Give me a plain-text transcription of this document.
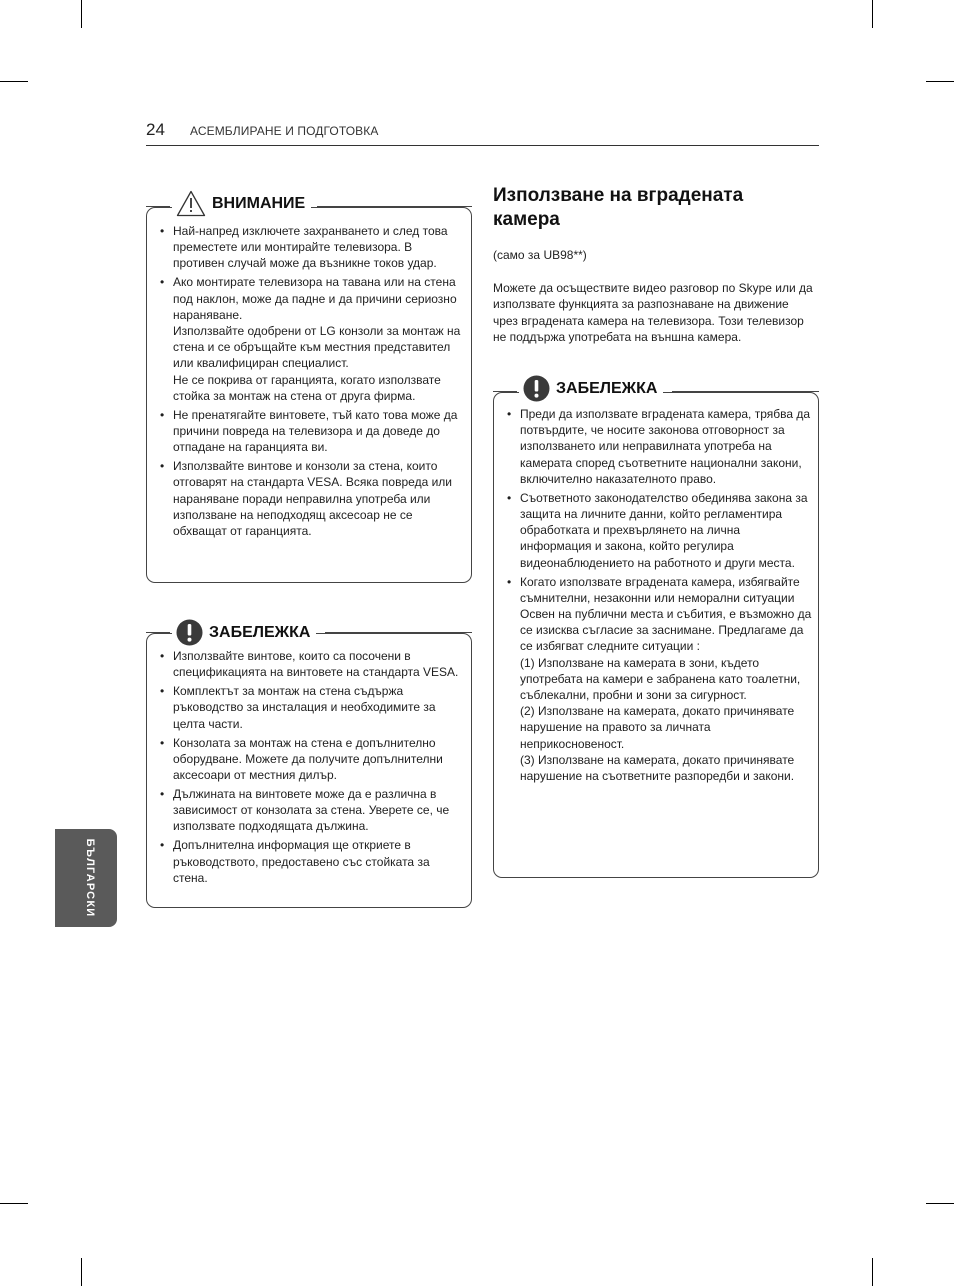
24 АСЕМБЛИРАНЕ И ПОДГОТОВКА
ВНИМАНИЕ
• Най-напред изключете захранването и след това преместете или монтирайте телевизора. В противен случай може да възникне токов удар.
• Ако монтирате телевизора на тавана или на стена под наклон, може да падне и да причини сериозно нараняване.
Използвайте одобрени от LG конзоли за монтаж на стена и се обръщайте към местния представител или квалифициран специалист.
Не се покрива от гаранцията, когато използвате стойка за монтаж на стена от друга фирма.
• Не пренатягайте винтовете, тъй като това може да причини повреда на телевизора и да доведе до отпадане на гаранцията ви.
• Използвайте винтове и конзоли за стена, които отговарят на стандарта VESA. Всяка повреда или нараняване поради неправилна употреба или използване на неподходящ аксесоар не се обхващат от гаранцията.
ЗАБЕЛЕЖКА
• Използвайте винтове, които са посочени в спецификацията на винтовете на стандарта VESA.
• Комплектът за монтаж на стена съдържа ръководство за инсталация и необходимите за целта части.
• Конзолата за монтаж на стена е допълнително оборудване. Можете да получите допълнителни аксесоари от местния дилър.
• Дължината на винтовете може да е различна в зависимост от конзолата за стена. Уверете се, че използвате подходящата дължина.
• Допълнителна информация ще откриете в ръководството, предоставено със стойката за стена.
Използване на вградената камера
(само за UB98**)
Можете да осъществите видео разговор по Skype или да използвате функцията за разпознаване на движение чрез вградената камера на телевизора. Този телевизор не поддържа употребата на външна камера.
ЗАБЕЛЕЖКА
• Преди да използвате вградената камера, трябва да потвърдите, че носите законова отговорност за използването или неправилната употреба на камерата според съответните национални закони, включително наказателното право.
• Съответното законодателство обединява закона за защита на личните данни, който регламентира обработката и прехвърлянето на лична информация и закона, който регулира видеонаблюдението на работното и други места.
• Когато използвате вградената камера, избягвайте съмнителни, незаконни или неморални ситуации Освен на публични места и събития, е възможно да се изисква съгласие за заснимане. Предлагаме да се избягват следните ситуации :
(1) Използване на камерата в зони, където употребата на камери е забранена като тоалетни, съблекални, пробни и зони за сигурност.
(2) Използване на камерата, докато причинявате нарушение на правото за личната неприкосновеност.
(3) Използване на камерата, докато причинявате нарушение на съответните разпоредби и закони.
БЪЛГАРСКИ
